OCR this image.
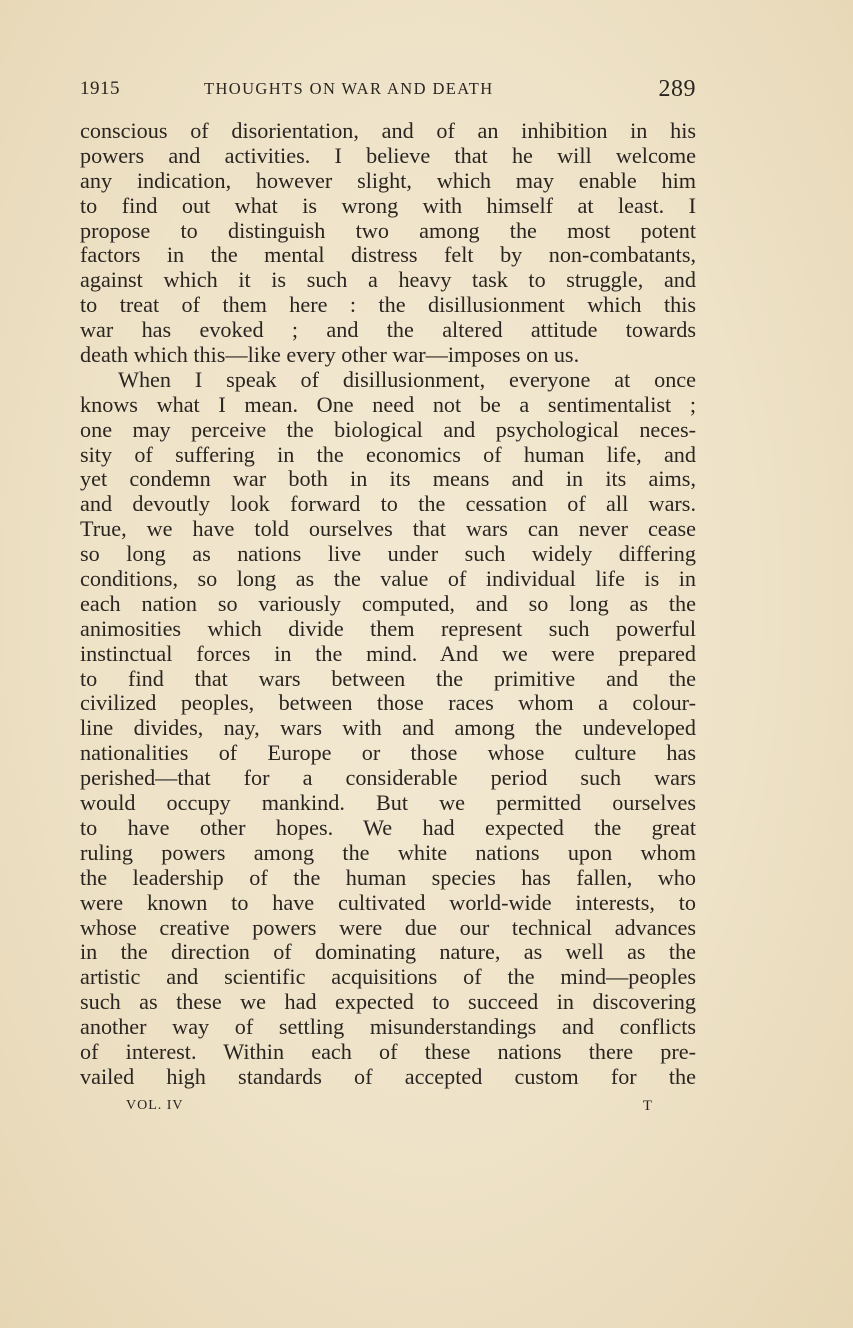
1915	THOUGHTS ON WAR AND DEATH	289
conscious of disorientation, and of an inhibition in his
powers and activities. I believe that he will welcome
any indication, however slight, which may enable him
to find out what is wrong with himself at least. I
propose to distinguish two among the most potent
factors in the mental distress felt by non-combatants,
against which it is such a heavy task to struggle, and
to treat of them here : the disillusionment which this
war has evoked ; and the altered attitude towards
death which this—like every other war—imposes on us.
When I speak of disillusionment, everyone at once
knows what I mean. One need not be a sentimentalist ;
one may perceive the biological and psychological neces-
sity of suffering in the economics of human life, and
yet condemn war both in its means and in its aims,
and devoutly look forward to the cessation of all wars.
True, we have told ourselves that wars can never cease
so long as nations live under such widely differing
conditions, so long as the value of individual life is in
each nation so variously computed, and so long as the
animosities which divide them represent such powerful
instinctual forces in the mind. And we were prepared
to find that wars between the primitive and the
civilized peoples, between those races whom a colour-
line divides, nay, wars with and among the undeveloped
nationalities of Europe or those whose culture has
perished—that for a considerable period such wars
would occupy mankind. But we permitted ourselves
to have other hopes. We had expected the great
ruling powers among the white nations upon whom
the leadership of the human species has fallen, who
were known to have cultivated world-wide interests, to
whose creative powers were due our technical advances
in the direction of dominating nature, as well as the
artistic and scientific acquisitions of the mind—peoples
such as these we had expected to succeed in discovering
another way of settling misunderstandings and conflicts
of interest. Within each of these nations there pre-
vailed high standards of accepted custom for the
VOL. IV	T
